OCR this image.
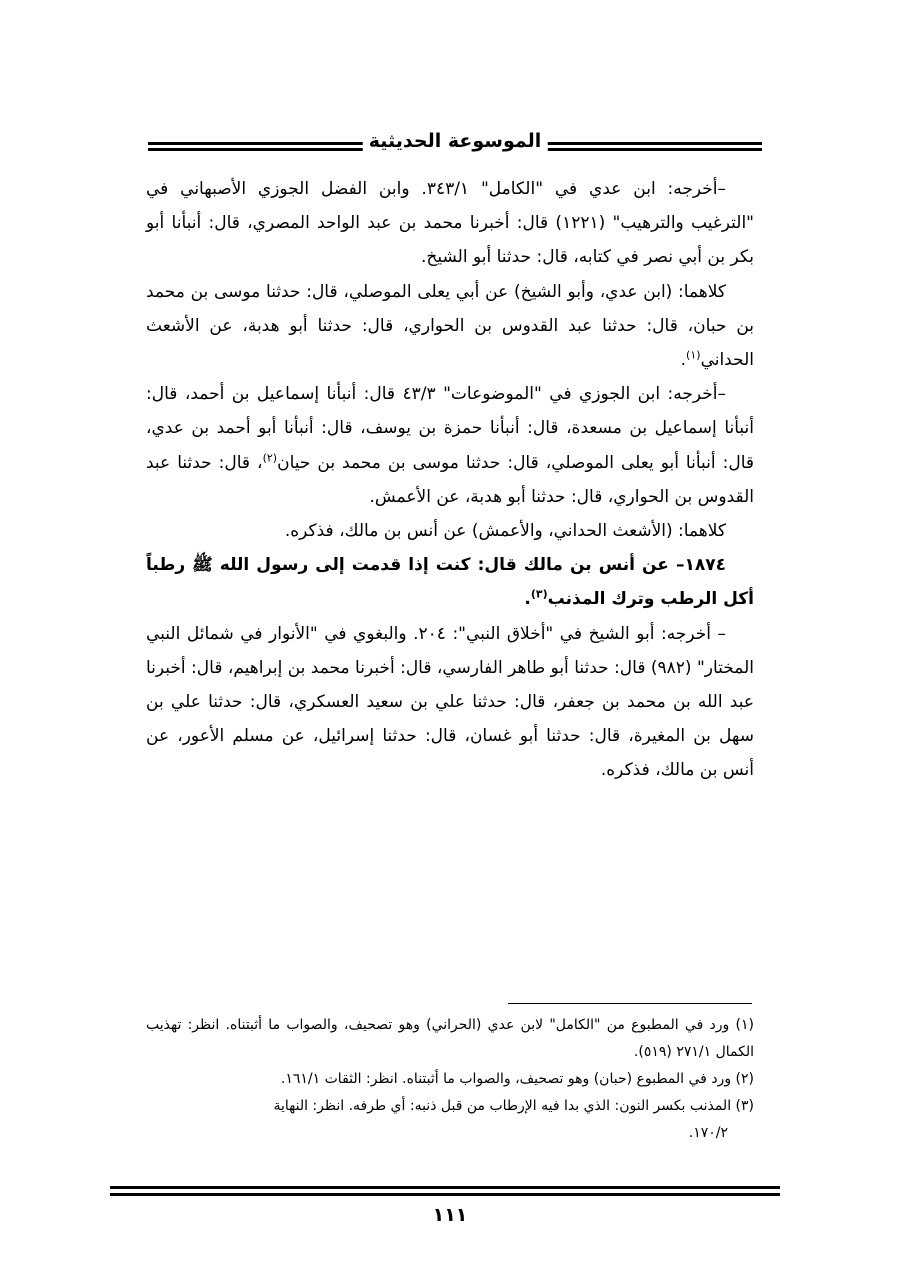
الموسوعة الحديثية

–أخرجه: ابن عدي في "الكامل" ٣٤٣/١. وابن الفضل الجوزي الأصبهاني في "الترغيب والترهيب" (١٢٢١) قال: أخبرنا محمد بن عبد الواحد المصري، قال: أنبأنا أبو بكر بن أبي نصر في كتابه، قال: حدثنا أبو الشيخ.

كلاهما: (ابن عدي، وأبو الشيخ) عن أبي يعلى الموصلي، قال: حدثنا موسى بن محمد بن حبان، قال: حدثنا عبد القدوس بن الحواري، قال: حدثنا أبو هدبة، عن الأشعث الحداني$^{(١)}$.

–أخرجه: ابن الجوزي في "الموضوعات" ٤٣/٣ قال: أنبأنا إسماعيل بن أحمد، قال: أنبأنا إسماعيل بن مسعدة، قال: أنبأنا حمزة بن يوسف، قال: أنبأنا أبو أحمد بن عدي، قال: أنبأنا أبو يعلى الموصلي، قال: حدثنا موسى بن محمد بن حيان$^{(٢)}$، قال: حدثنا عبد القدوس بن الحواري، قال: حدثنا أبو هدبة، عن الأعمش.

كلاهما: (الأشعث الحداني، والأعمش) عن أنس بن مالك، فذكره.

١٨٧٤– عن أنس بن مالك قال: كنت إذا قدمت إلى رسول الله ﷺ رطباً أكل الرطب وترك المذنب$^{(٣)}$.

– أخرجه: أبو الشيخ في "أخلاق النبي": ٢٠٤. والبغوي في "الأنوار في شمائل النبي المختار" (٩٨٢) قال: حدثنا أبو طاهر الفارسي، قال: أخبرنا محمد بن إبراهيم، قال: أخبرنا عبد الله بن محمد بن جعفر، قال: حدثنا علي بن سعيد العسكري، قال: حدثنا علي بن سهل بن المغيرة، قال: حدثنا أبو غسان، قال: حدثنا إسرائيل، عن مسلم الأعور، عن أنس بن مالك، فذكره.

(١) ورد في المطبوع من "الكامل" لابن عدي (الحراني) وهو تصحيف، والصواب ما أثبتناه. انظر: تهذيب الكمال ٢٧١/١ (٥١٩).

(٢) ورد في المطبوع (حبان) وهو تصحيف، والصواب ما أثبتناه. انظر: الثقات ١٦١/١.

(٣) المذنب بكسر النون: الذي بدا فيه الإرطاب من قبل ذنبه: أي طرفه. انظر: النهاية

١٧٠/٢.

١١١
